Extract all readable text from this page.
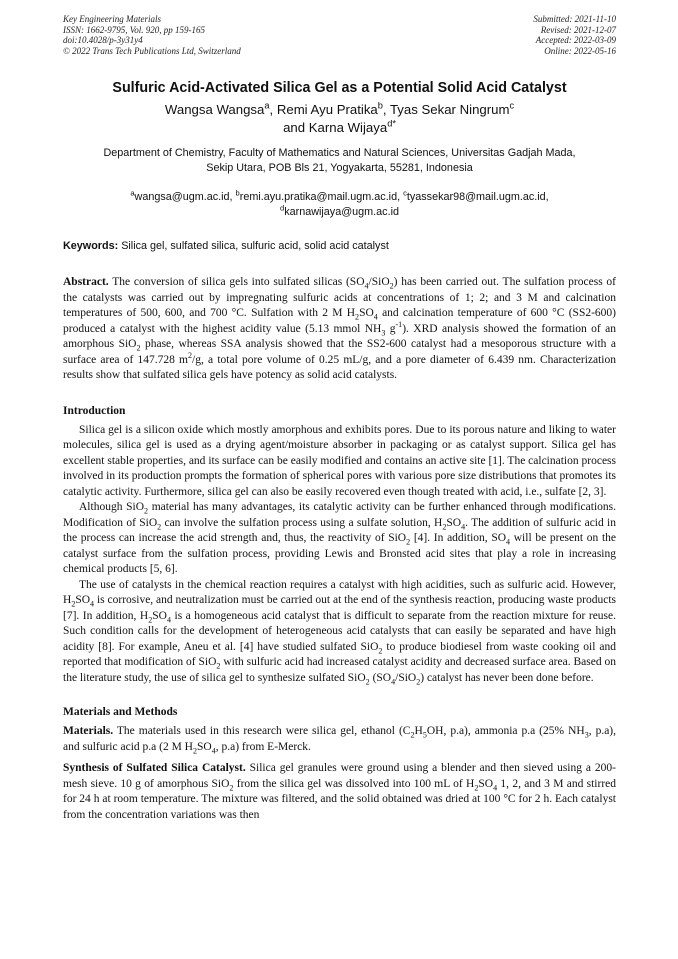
Key Engineering Materials
ISSN: 1662-9795, Vol. 920, pp 159-165
doi:10.4028/p-3y31y4
© 2022 Trans Tech Publications Ltd, Switzerland
Submitted: 2021-11-10
Revised: 2021-12-07
Accepted: 2022-03-09
Online: 2022-05-16
Sulfuric Acid-Activated Silica Gel as a Potential Solid Acid Catalyst
Wangsa Wangsa$^a$, Remi Ayu Pratika$^b$, Tyas Sekar Ningrum$^c$
and Karna Wijaya$^{d*}$
Department of Chemistry, Faculty of Mathematics and Natural Sciences, Universitas Gadjah Mada,
Sekip Utara, POB Bls 21, Yogyakarta, 55281, Indonesia
$^a$wangsa@ugm.ac.id, $^b$remi.ayu.pratika@mail.ugm.ac.id, $^c$tyassekar98@mail.ugm.ac.id,
$^d$karnawijaya@ugm.ac.id
Keywords: Silica gel, sulfated silica, sulfuric acid, solid acid catalyst
Abstract. The conversion of silica gels into sulfated silicas $(SO_4/SiO_2)$ has been carried out. The sulfation process of the catalysts was carried out by impregnating sulfuric acids at concentrations of 1; 2; and 3 M and calcination temperatures of 500, 600, and 700 °C. Sulfation with 2 M $H_2SO_4$ and calcination temperature of 600 °C (SS2-600) produced a catalyst with the highest acidity value (5.13 mmol $NH_3$ $g^{-1}$). XRD analysis showed the formation of an amorphous SiO$_2$ phase, whereas SSA analysis showed that the SS2-600 catalyst had a mesoporous structure with a surface area of 147.728 $m^2/g$, a total pore volume of 0.25 mL/g, and a pore diameter of 6.439 nm. Characterization results show that sulfated silica gels have potency as solid acid catalysts.
Introduction

Silica gel is a silicon oxide which mostly amorphous and exhibits pores. Due to its porous nature and liking to water molecules, silica gel is used as a drying agent/moisture absorber in packaging or as catalyst support. Silica gel has excellent stable properties, and its surface can be easily modified and contains an active site [1]. The calcination process involved in its production prompts the formation of spherical pores with various pore size distributions that promotes its catalytic activity. Furthermore, silica gel can also be easily recovered even though treated with acid, i.e., sulfate [2, 3].

Although SiO$_2$ material has many advantages, its catalytic activity can be further enhanced through modifications. Modification of SiO$_2$ can involve the sulfation process using a sulfate solution, $H_2SO_4$. The addition of sulfuric acid in the process can increase the acid strength and, thus, the reactivity of SiO$_2$ [4]. In addition, $SO_4$ will be present on the catalyst surface from the sulfation process, providing Lewis and Bronsted acid sites that play a role in increasing chemical products [5, 6].

The use of catalysts in the chemical reaction requires a catalyst with high acidities, such as sulfuric acid. However, $H_2SO_4$ is corrosive, and neutralization must be carried out at the end of the synthesis reaction, producing waste products [7]. In addition, $H_2SO_4$ is a homogeneous acid catalyst that is difficult to separate from the reaction mixture for reuse. Such condition calls for the development of heterogeneous acid catalysts that can easily be separated and have high acidity [8]. For example, Aneu et al. [4] have studied sulfated SiO$_2$ to produce biodiesel from waste cooking oil and reported that modification of SiO$_2$ with sulfuric acid had increased catalyst acidity and decreased surface area. Based on the literature study, the use of silica gel to synthesize sulfated SiO$_2$ $(SO_4/SiO_2)$ catalyst has never been done before.

Materials and Methods

Materials. The materials used in this research were silica gel, ethanol ($C_2H_5OH$, p.a), ammonia p.a (25% $NH_3$, p.a), and sulfuric acid p.a (2 M $H_2SO_4$, p.a) from E-Merck.

Synthesis of Sulfated Silica Catalyst. Silica gel granules were ground using a blender and then sieved using a 200-mesh sieve. 10 g of amorphous SiO$_2$ from the silica gel was dissolved into 100 mL of $H_2SO_4$ 1, 2, and 3 M and stirred for 24 h at room temperature. The mixture was filtered, and the solid obtained was dried at 100 °C for 2 h. Each catalyst from the concentration variations was then
